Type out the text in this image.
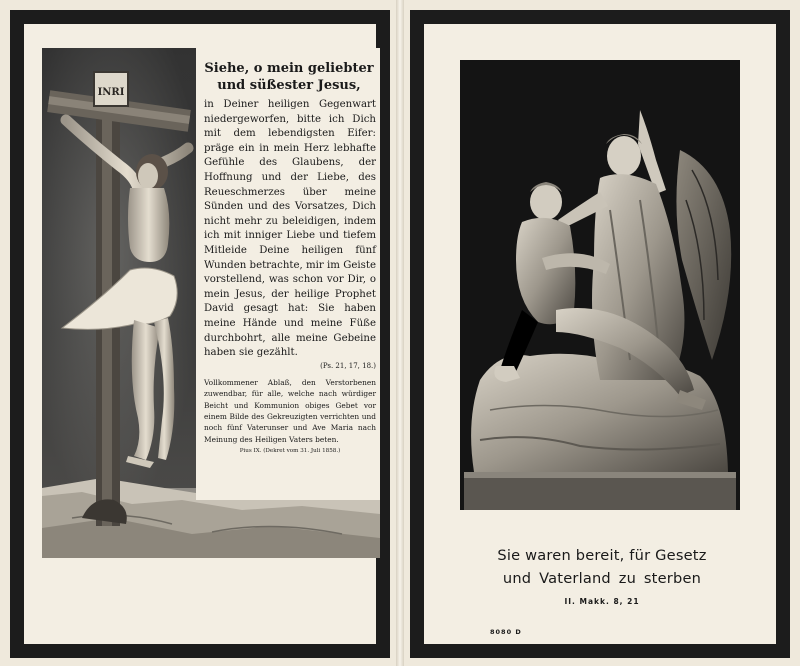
INRI
Siehe, o mein geliebter und süßester Jesus,
in Deiner heiligen Gegenwart niedergeworfen, bitte ich Dich mit dem lebendigsten Eifer: präge ein in mein Herz lebhafte Gefühle des Glaubens, der Hoffnung und der Liebe, des Reueschmerzes über meine Sünden und des Vorsatzes, Dich nicht mehr zu beleidigen, indem ich mit inniger Liebe und tiefem Mitleide Deine heiligen fünf Wunden betrachte, mir im Geiste vorstellend, was schon vor Dir, o mein Jesus, der heilige Prophet David gesagt hat: Sie haben meine Hände und meine Füße durchbohrt, alle meine Gebeine haben sie gezählt.
(Ps. 21, 17, 18.)
Vollkommener Ablaß, den Verstorbenen zuwendbar, für alle, welche nach würdiger Beicht und Kommunion obiges Gebet vor einem Bilde des Gekreuzigten verrichten und noch fünf Vaterunser und Ave Maria nach Meinung des Heiligen Vaters beten.
Pius IX. (Dekret vom 31. Juli 1858.)
Sie waren bereit, für Gesetz
und Vaterland zu sterben
II. Makk. 8, 21
8080 D
